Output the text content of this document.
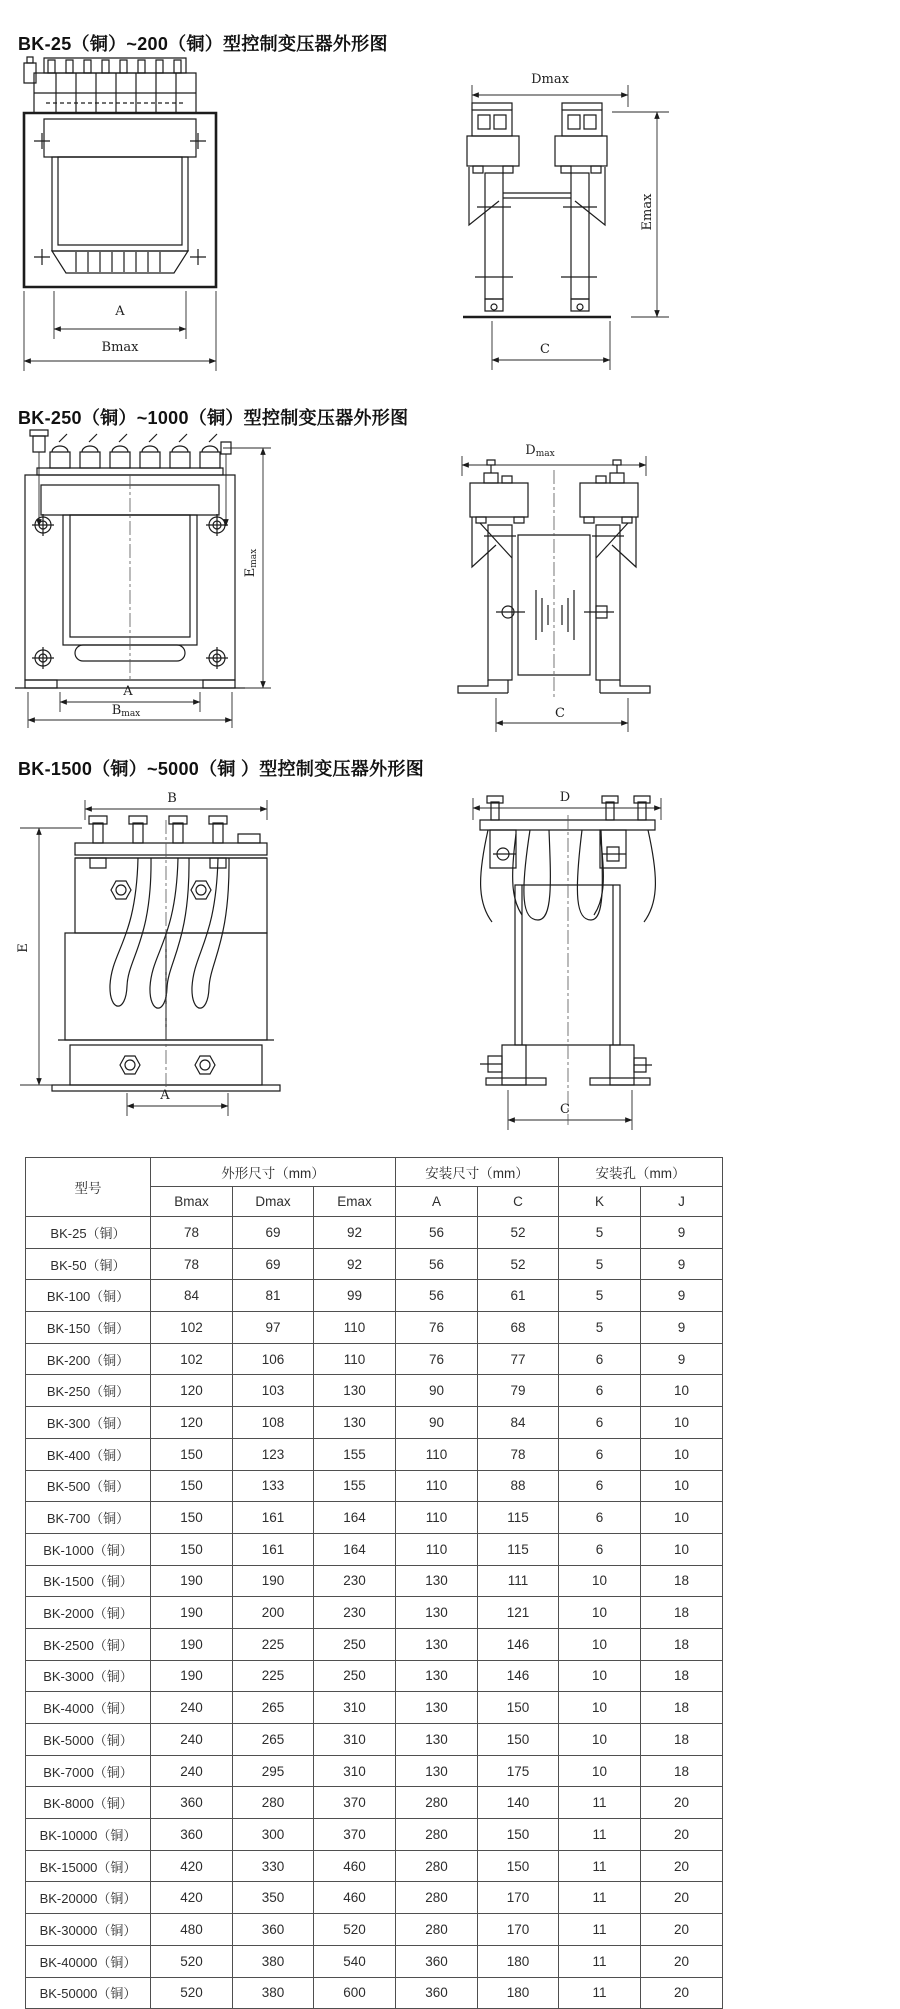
BK-25（铜）~200（铜）型控制变压器外形图
A
Bmax
Dmax
Emax
C
BK-250（铜）~1000（铜）型控制变压器外形图
A
$B_{max}$
$E_{max}$
$D_{max}$
C
BK-1500（铜）~5000（铜 ）型控制变压器外形图
B
E
A
D
C
型号	外形尺寸（mm）			安装尺寸（mm）		安装孔（mm）	
	Bmax	Dmax	Emax	A	C	K	J
BK-25（铜）	78	69	92	56	52	5	9
BK-50（铜）	78	69	92	56	52	5	9
BK-100（铜）	84	81	99	56	61	5	9
BK-150（铜）	102	97	110	76	68	5	9
BK-200（铜）	102	106	110	76	77	6	9
BK-250（铜）	120	103	130	90	79	6	10
BK-300（铜）	120	108	130	90	84	6	10
BK-400（铜）	150	123	155	110	78	6	10
BK-500（铜）	150	133	155	110	88	6	10
BK-700（铜）	150	161	164	110	115	6	10
BK-1000（铜）	150	161	164	110	115	6	10
BK-1500（铜）	190	190	230	130	111	10	18
BK-2000（铜）	190	200	230	130	121	10	18
BK-2500（铜）	190	225	250	130	146	10	18
BK-3000（铜）	190	225	250	130	146	10	18
BK-4000（铜）	240	265	310	130	150	10	18
BK-5000（铜）	240	265	310	130	150	10	18
BK-7000（铜）	240	295	310	130	175	10	18
BK-8000（铜）	360	280	370	280	140	11	20
BK-10000（铜）	360	300	370	280	150	11	20
BK-15000（铜）	420	330	460	280	150	11	20
BK-20000（铜）	420	350	460	280	170	11	20
BK-30000（铜）	480	360	520	280	170	11	20
BK-40000（铜）	520	380	540	360	180	11	20
BK-50000（铜）	520	380	600	360	180	11	20
